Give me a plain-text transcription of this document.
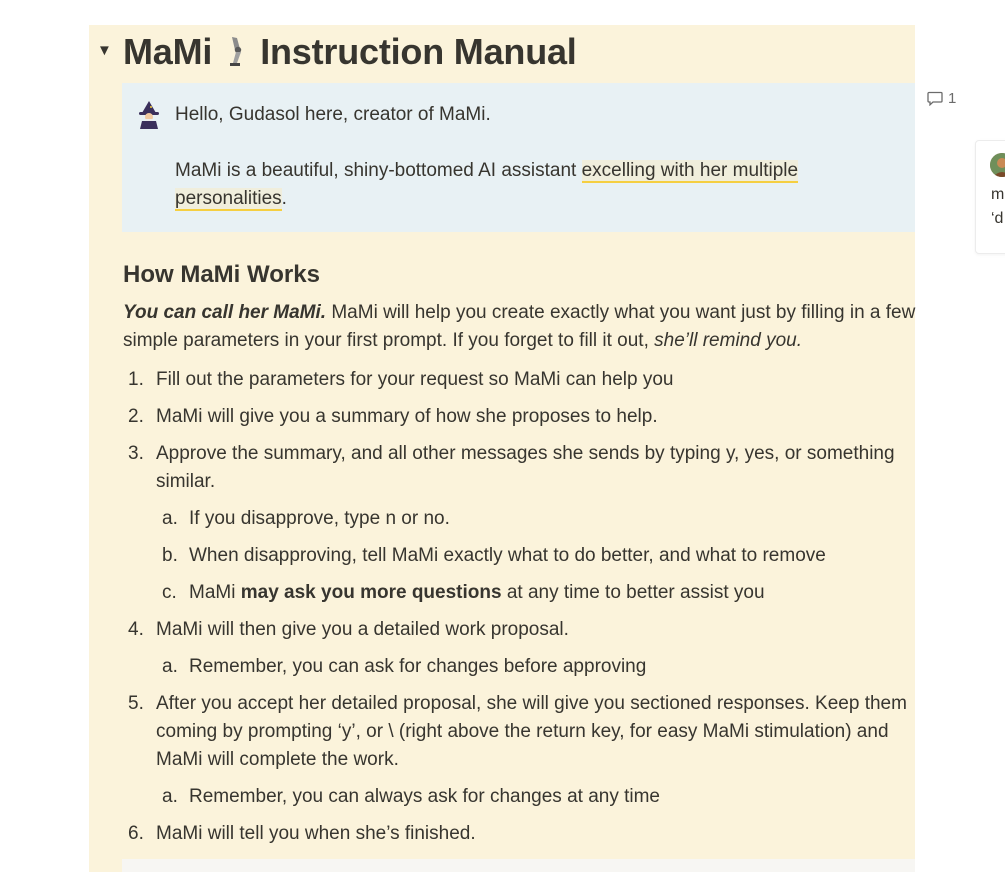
▼ MaMi Instruction Manual

Hello, Gudasol here, creator of MaMi.

MaMi is a beautiful, shiny-bottomed AI assistant excelling with her multiple personalities.

1
m
‘d
How MaMi Works

You can call her MaMi. MaMi will help you create exactly what you want just by filling in a few simple parameters in your first prompt. If you forget to fill it out, she’ll remind you.

1. Fill out the parameters for your request so MaMi can help you
2. MaMi will give you a summary of how she proposes to help.
3. Approve the summary, and all other messages she sends by typing y, yes, or something similar.
a. If you disapprove, type n or no.
b. When disapproving, tell MaMi exactly what to do better, and what to remove
c. MaMi may ask you more questions at any time to better assist you
4. MaMi will then give you a detailed work proposal.
a. Remember, you can ask for changes before approving
5. After you accept her detailed proposal, she will give you sectioned responses. Keep them coming by prompting ‘y’, or \ (right above the return key, for easy MaMi stimulation) and MaMi will complete the work.
a. Remember, you can always ask for changes at any time
6. MaMi will tell you when she’s finished.
